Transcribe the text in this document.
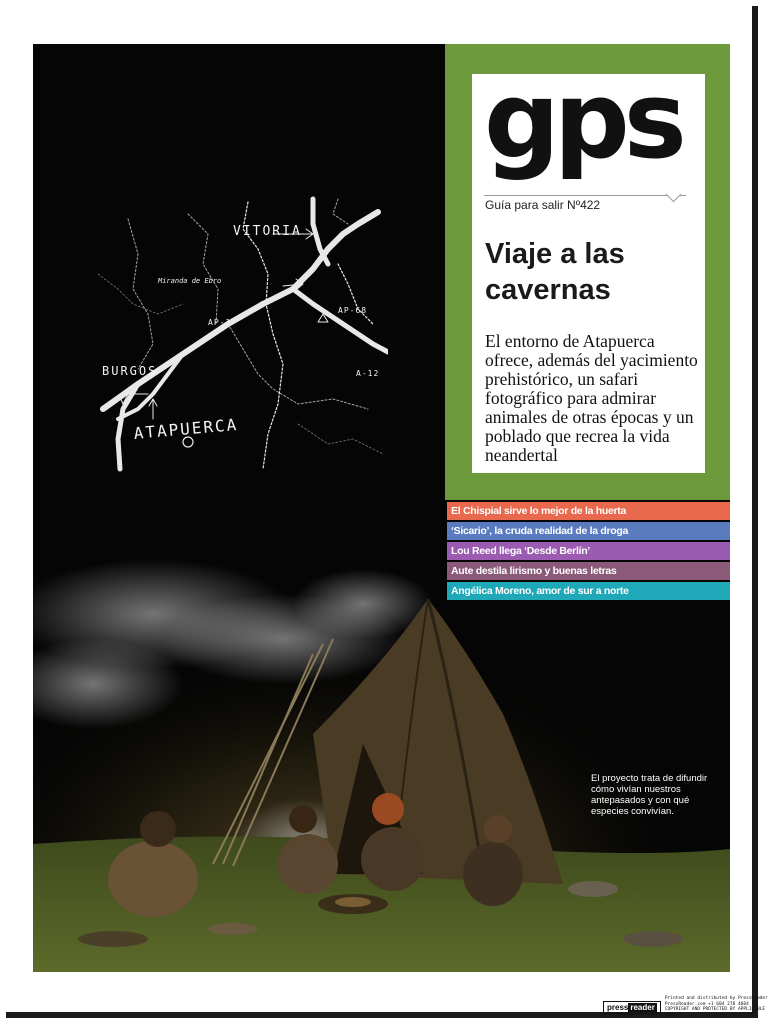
VITORIA
Miranda de Ebro
AP-1
AP-68
A-12
BURGOS
ATAPUERCA
El proyecto trata de difundir cómo vivían nuestros antepasados y con qué especies convivían.
gps
Guía para salir Nº422
Viaje a las cavernas
El entorno de Atapuerca ofrece, además del yacimiento prehistórico, un safari fotográfico para admirar animales de otras épocas y un poblado que recrea la vida neandertal
El Chispial sirve lo mejor de la huerta
‘Sicario’, la cruda realidad de la droga
Lou Reed llega ‘Desde Berlín’
Aute destila lirismo y buenas letras
Angélica Moreno, amor de sur a norte
press reader
Printed and distributed by PressReader PressReader.com +1 604 278 4604 COPYRIGHT AND PROTECTED BY APPLICABLE LAW
